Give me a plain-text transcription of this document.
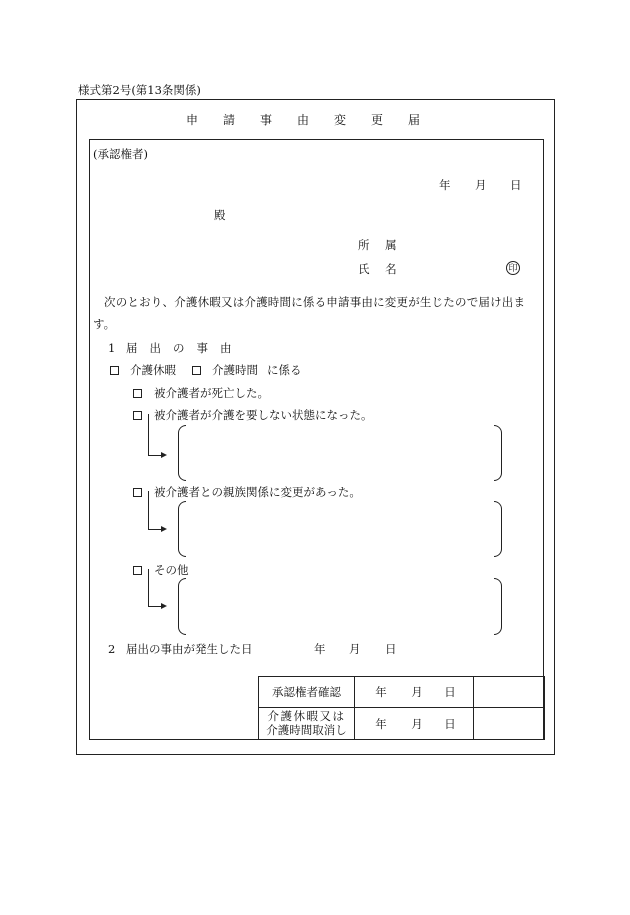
様式第2号(第13条関係)
申請事由変更届
(承認権者)
年 月 日
殿
所 属
氏 名	印
次のとおり、介護休暇又は介護時間に係る申請事由に変更が生じたので届け出ま
す。
1 届出の事由
介護休暇	介護時間 に係る
被介護者が死亡した。
被介護者が介護を要しない状態になった。
被介護者との親族関係に変更があった。
その他
2 届出の事由が発生した日	年 月 日
承認権者確認	年 月 日	

介護休暇又は
介護時間取消し	年 月 日	
